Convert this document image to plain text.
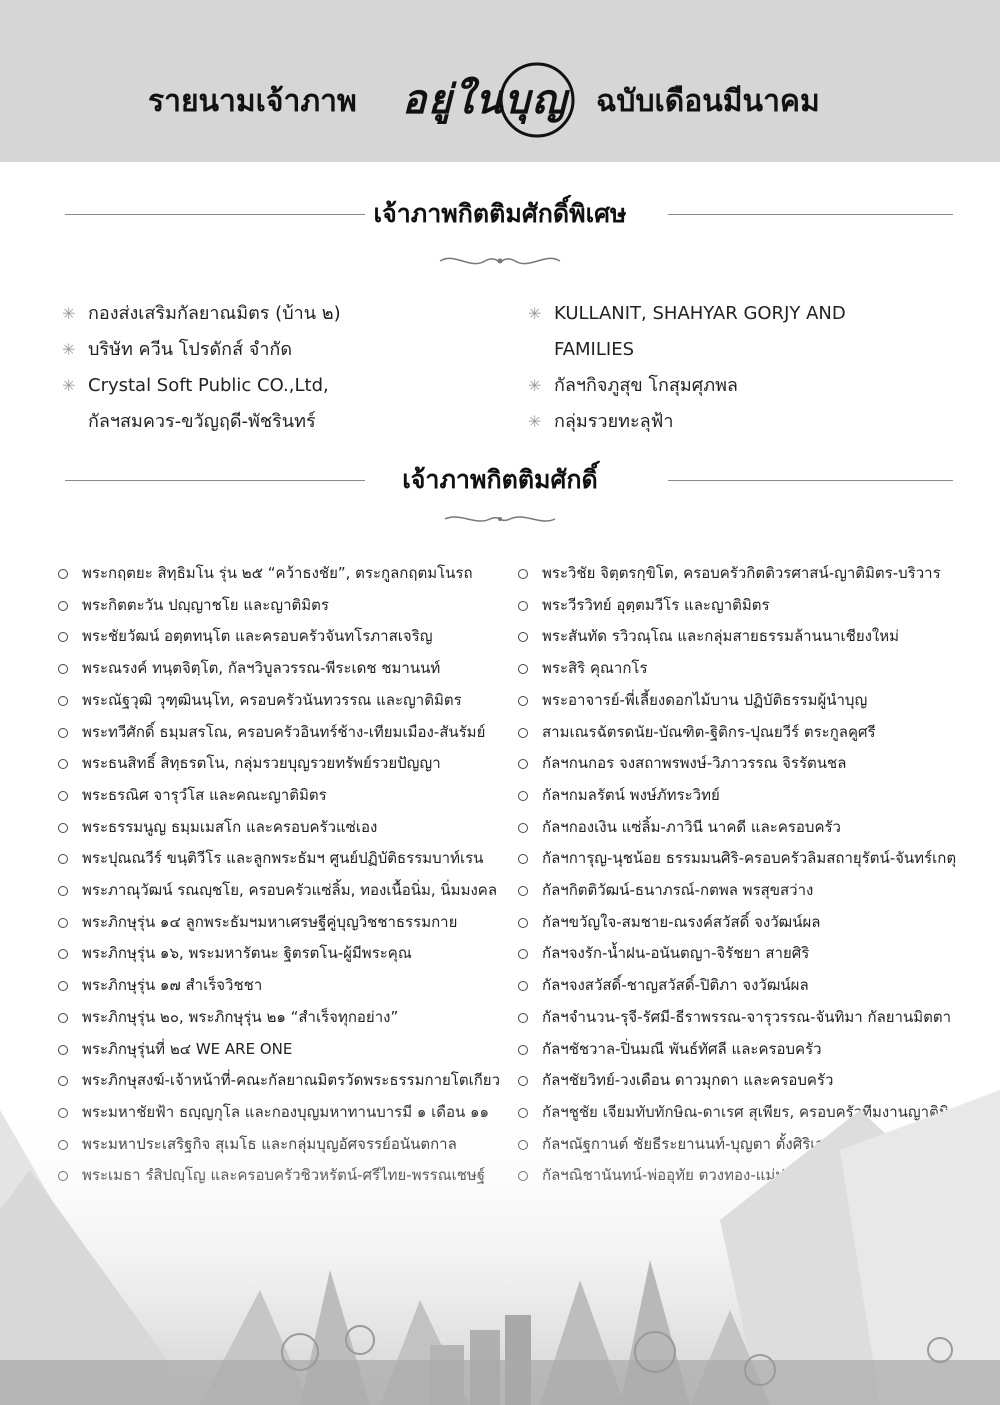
รายนามเจ้าภาพ	อยู่ในบุญ ฉบับเดือนมีนาคม
เจ้าภาพกิตติมศักดิ์พิเศษ
✳ กองส่งเสริมกัลยาณมิตร (บ้าน ๒)
✳ บริษัท ควีน โปรดักส์ จำกัด
✳ Crystal Soft Public CO.,Ltd,
กัลฯสมควร-ขวัญฤดี-พัชรินทร์
✳ KULLANIT, SHAHYAR GORJY AND
FAMILIES
✳ กัลฯกิจภูสุข โกสุมศุภพล
✳ กลุ่มรวยทะลุฟ้า
เจ้าภาพกิตติมศักดิ์
พระกฤตยะ สิทฺธิมโน รุ่น ๒๕ “คว้าธงชัย”, ตระกูลกฤตมโนรถ
พระกิตตะวัน ปญฺญาชโย และญาติมิตร
พระชัยวัฒน์ อตฺตทนฺโต และครอบครัวจันทโรภาสเจริญ
พระณรงค์ ทนฺตจิตฺโต, กัลฯวิบูลวรรณ-พีระเดช ชมานนท์
พระณัฐวุฒิ วุฑฺฒินนฺโท, ครอบครัวนันทวรรณ และญาติมิตร
พระทวีศักดิ์ ธมฺมสรโณ, ครอบครัวอินทร์ช้าง-เทียมเมือง-สันรัมย์
พระธนสิทธิ์ สิทฺธรตโน, กลุ่มรวยบุญรวยทรัพย์รวยปัญญา
พระธรณิศ จารุวํโส และคณะญาติมิตร
พระธรรมนูญ ธมฺมเมสโก และครอบครัวแซ่เอง
พระปุณณวีร์ ขนฺติวีโร และลูกพระธัมฯ ศูนย์ปฏิบัติธรรมบาท์เรน
พระภาณุวัฒน์ รณญฺชโย, ครอบครัวแซ่ลิ้ม, ทองเนื้อนิ่ม, นิ่มมงคล
พระภิกษุรุ่น ๑๔ ลูกพระธัมฯมหาเศรษฐีคู่บุญวิชชาธรรมกาย
พระภิกษุรุ่น ๑๖, พระมหารัตนะ ฐิตรตโน-ผู้มีพระคุณ
พระภิกษุรุ่น ๑๗ สำเร็จวิชชา
พระภิกษุรุ่น ๒๐, พระภิกษุรุ่น ๒๑ “สำเร็จทุกอย่าง”
พระภิกษุรุ่นที่ ๒๔ WE ARE ONE
พระภิกษุสงฆ์-เจ้าหน้าที่-คณะกัลยาณมิตรวัดพระธรรมกายโตเกียว
พระวิชัย จิตฺตรกฺขิโต, ครอบครัวกิตติวรศาสน์-ญาติมิตร-บริวาร
พระวีรวิทย์ อุตฺตมวีโร และญาติมิตร
พระสันทัด รวิวณฺโณ และกลุ่มสายธรรมล้านนาเชียงใหม่
พระสิริ คุณากโร
พระอาจารย์-พี่เลี้ยงดอกไม้บาน ปฏิบัติธรรมผู้นำบุญ
สามเณรฉัตรดนัย-บัณฑิต-ฐิติกร-ปุณยวีร์ ตระกูลคูศรี
กัลฯกนกอร จงสถาพรพงษ์-วิภาวรรณ จิรรัตนชล
กัลฯกมลรัตน์ พงษ์ภัทระวิทย์
กัลฯกองเงิน แซ่ลิ้ม-ภาวินี นาคดี และครอบครัว
กัลฯการุญ-นุชน้อย ธรรมมนศิริ-ครอบครัวลิมสถายุรัตน์-จันทร์เกตุ
กัลฯกิตติวัฒน์-ธนาภรณ์-กตพล พรสุขสว่าง
กัลฯขวัญใจ-สมชาย-ณรงค์สวัสดิ์ จงวัฒน์ผล
กัลฯจงรัก-น้ำฝน-อนันตญา-จิรัชยา สายศิริ
กัลฯจงสวัสดิ์-ชาญสวัสดิ์-ปิติภา จงวัฒน์ผล
กัลฯจำนวน-รุจี-รัศมี-ธีราพรรณ-จารุวรรณ-จันทิมา กัลยานมิตตา
กัลฯชัชวาล-ปิ่นมณี พันธ์ทัศลี และครอบครัว
กัลฯชัยวิทย์-วงเดือน ดาวมุกดา และครอบครัว
